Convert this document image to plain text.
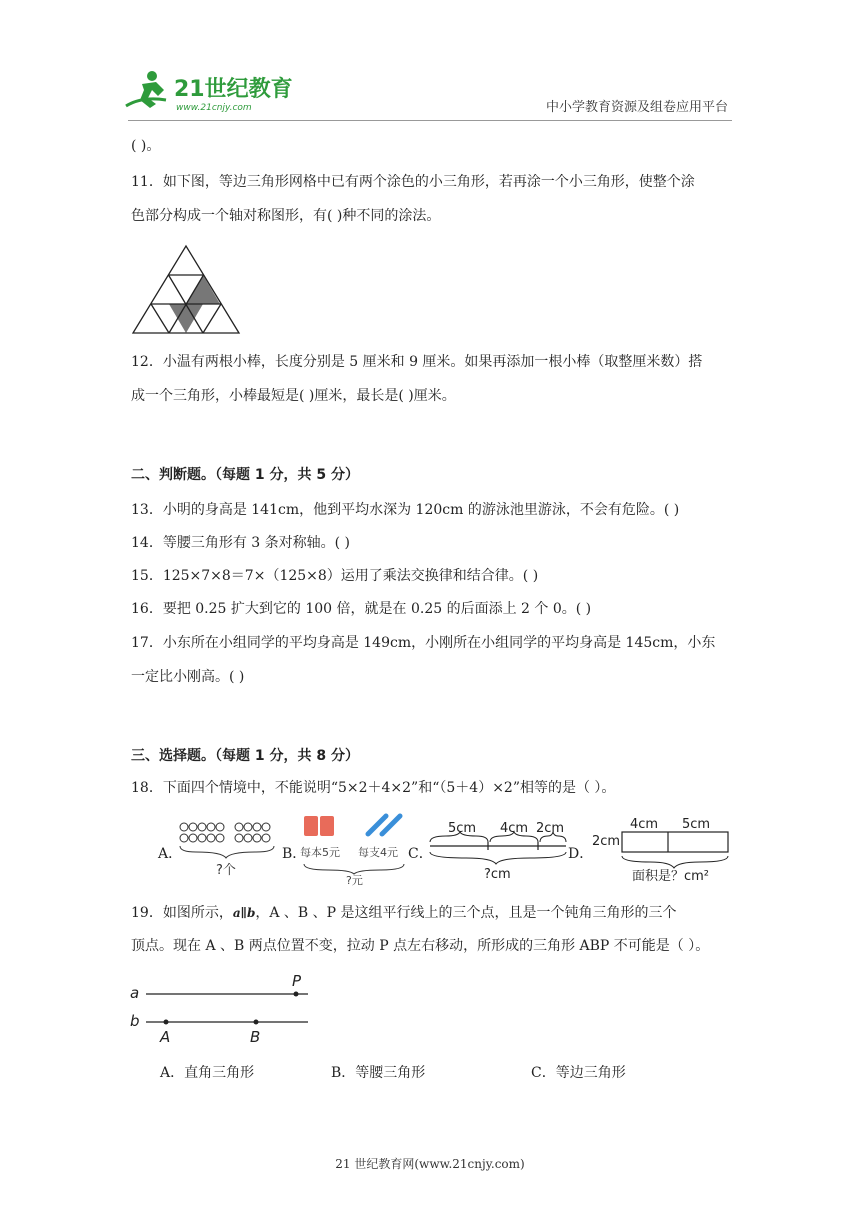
21世纪教育
www.21cnjy.com	中小学教育资源及组卷应用平台
( )。
11．如下图，等边三角形网格中已有两个涂色的小三角形，若再涂一个小三角形，使整个涂
色部分构成一个轴对称图形，有( )种不同的涂法。
12．小温有两根小棒，长度分别是 5 厘米和 9 厘米。如果再添加一根小棒（取整厘米数）搭
成一个三角形，小棒最短是( )厘米，最长是( )厘米。
二、判断题。（每题 1 分，共 5 分）
13．小明的身高是 141cm，他到平均水深为 120cm 的游泳池里游泳，不会有危险。( )
14．等腰三角形有 3 条对称轴。( )
15．125×7×8＝7×（125×8）运用了乘法交换律和结合律。( )
16．要把 0.25 扩大到它的 100 倍，就是在 0.25 的后面添上 2 个 0。( )
17．小东所在小组同学的平均身高是 149cm，小刚所在小组同学的平均身高是 145cm，小东
一定比小刚高。( )
三、选择题。（每题 1 分，共 8 分）
18．下面四个情境中，不能说明“5×2＋4×2”和“（5＋4）×2”相等的是（ ）。
A．
?个
B．
每本5元 每支4元
?元
C．
5cm 4cm 2cm
?cm
D．
2cm
4cm 5cm
面积是？cm²
19．如图所示，a∥b，A 、B 、P 是这组平行线上的三个点，且是一个钝角三角形的三个
顶点。现在 A 、B 两点位置不变，拉动 P 点左右移动，所形成的三角形 ABP 不可能是（ ）。
a
b
P
A	B
A．直角三角形	B．等腰三角形	C．等边三角形
21 世纪教育网(www.21cnjy.com)
